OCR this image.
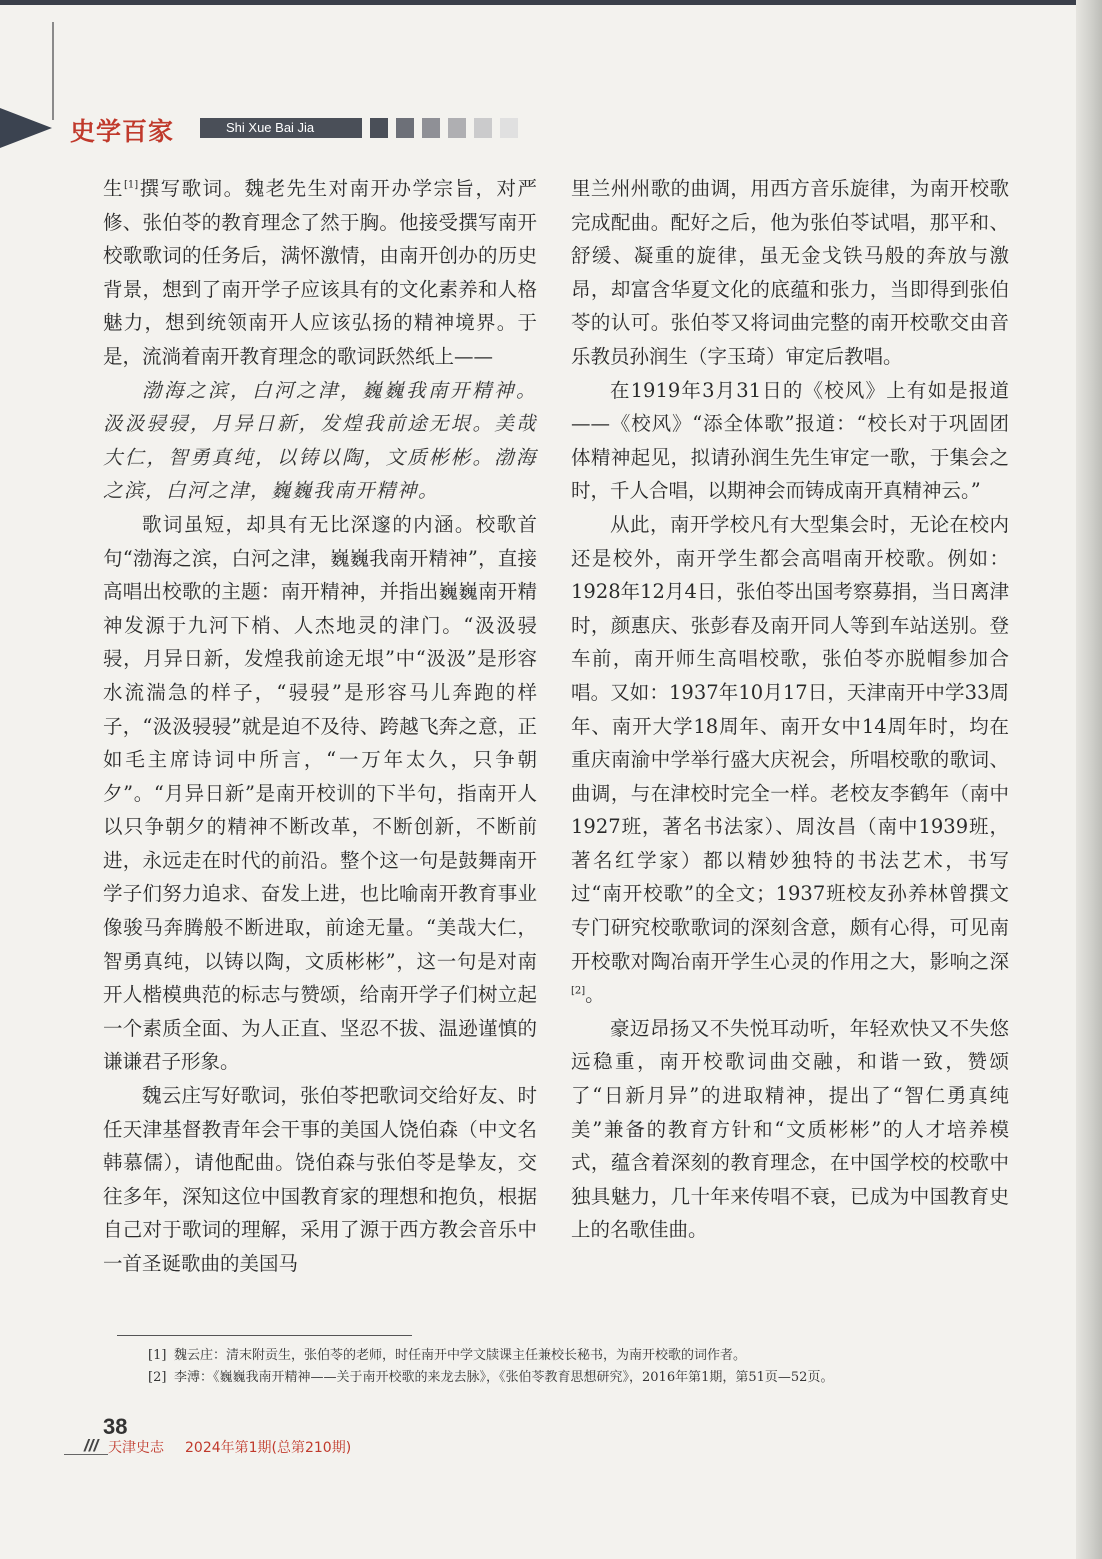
史学百家	Shi Xue Bai Jia

生[1]撰写歌词。魏老先生对南开办学宗旨，对严修、张伯苓的教育理念了然于胸。他接受撰写南开校歌歌词的任务后，满怀激情，由南开创办的历史背景，想到了南开学子应该具有的文化素养和人格魅力，想到统领南开人应该弘扬的精神境界。于是，流淌着南开教育理念的歌词跃然纸上——

渤海之滨，白河之津，巍巍我南开精神。汲汲骎骎，月异日新，发煌我前途无垠。美哉大仁，智勇真纯，以铸以陶，文质彬彬。渤海之滨，白河之津，巍巍我南开精神。

歌词虽短，却具有无比深邃的内涵。校歌首句“渤海之滨，白河之津，巍巍我南开精神”，直接高唱出校歌的主题：南开精神，并指出巍巍南开精神发源于九河下梢、人杰地灵的津门。“汲汲骎骎，月异日新，发煌我前途无垠”中“汲汲”是形容水流湍急的样子，“骎骎”是形容马儿奔跑的样子，“汲汲骎骎”就是迫不及待、跨越飞奔之意，正如毛主席诗词中所言，“一万年太久，只争朝夕”。“月异日新”是南开校训的下半句，指南开人以只争朝夕的精神不断改革，不断创新，不断前进，永远走在时代的前沿。整个这一句是鼓舞南开学子们努力追求、奋发上进，也比喻南开教育事业像骏马奔腾般不断进取，前途无量。“美哉大仁，智勇真纯，以铸以陶，文质彬彬”，这一句是对南开人楷模典范的标志与赞颂，给南开学子们树立起一个素质全面、为人正直、坚忍不拔、温逊谨慎的谦谦君子形象。

魏云庄写好歌词，张伯苓把歌词交给好友、时任天津基督教青年会干事的美国人饶伯森（中文名韩慕儒），请他配曲。饶伯森与张伯苓是挚友，交往多年，深知这位中国教育家的理想和抱负，根据自己对于歌词的理解，采用了源于西方教会音乐中一首圣诞歌曲的美国马

里兰州州歌的曲调，用西方音乐旋律，为南开校歌完成配曲。配好之后，他为张伯苓试唱，那平和、舒缓、凝重的旋律，虽无金戈铁马般的奔放与激昂，却富含华夏文化的底蕴和张力，当即得到张伯苓的认可。张伯苓又将词曲完整的南开校歌交由音乐教员孙润生（字玉琦）审定后教唱。

在1919年3月31日的《校风》上有如是报道——《校风》“添全体歌”报道：“校长对于巩固团体精神起见，拟请孙润生先生审定一歌，于集会之时，千人合唱，以期神会而铸成南开真精神云。”

从此，南开学校凡有大型集会时，无论在校内还是校外，南开学生都会高唱南开校歌。例如：1928年12月4日，张伯苓出国考察募捐，当日离津时，颜惠庆、张彭春及南开同人等到车站送别。登车前，南开师生高唱校歌，张伯苓亦脱帽参加合唱。又如：1937年10月17日，天津南开中学33周年、南开大学18周年、南开女中14周年时，均在重庆南渝中学举行盛大庆祝会，所唱校歌的歌词、曲调，与在津校时完全一样。老校友李鹤年（南中1927班，著名书法家）、周汝昌（南中1939班，著名红学家）都以精妙独特的书法艺术，书写过“南开校歌”的全文；1937班校友孙养林曾撰文专门研究校歌歌词的深刻含意，颇有心得，可见南开校歌对陶冶南开学生心灵的作用之大，影响之深[2]。

豪迈昂扬又不失悦耳动听，年轻欢快又不失悠远稳重，南开校歌词曲交融，和谐一致，赞颂了“日新月异”的进取精神，提出了“智仁勇真纯美”兼备的教育方针和“文质彬彬”的人才培养模式，蕴含着深刻的教育理念，在中国学校的校歌中独具魅力，几十年来传唱不衰，已成为中国教育史上的名歌佳曲。

[1] 魏云庄：清末附贡生，张伯苓的老师，时任南开中学文牍课主任兼校长秘书，为南开校歌的词作者。
[2] 李溥：《巍巍我南开精神——关于南开校歌的来龙去脉》，《张伯苓教育思想研究》，2016年第1期，第51页—52页。
38
/// 天津史志 2024年第1期(总第210期)
